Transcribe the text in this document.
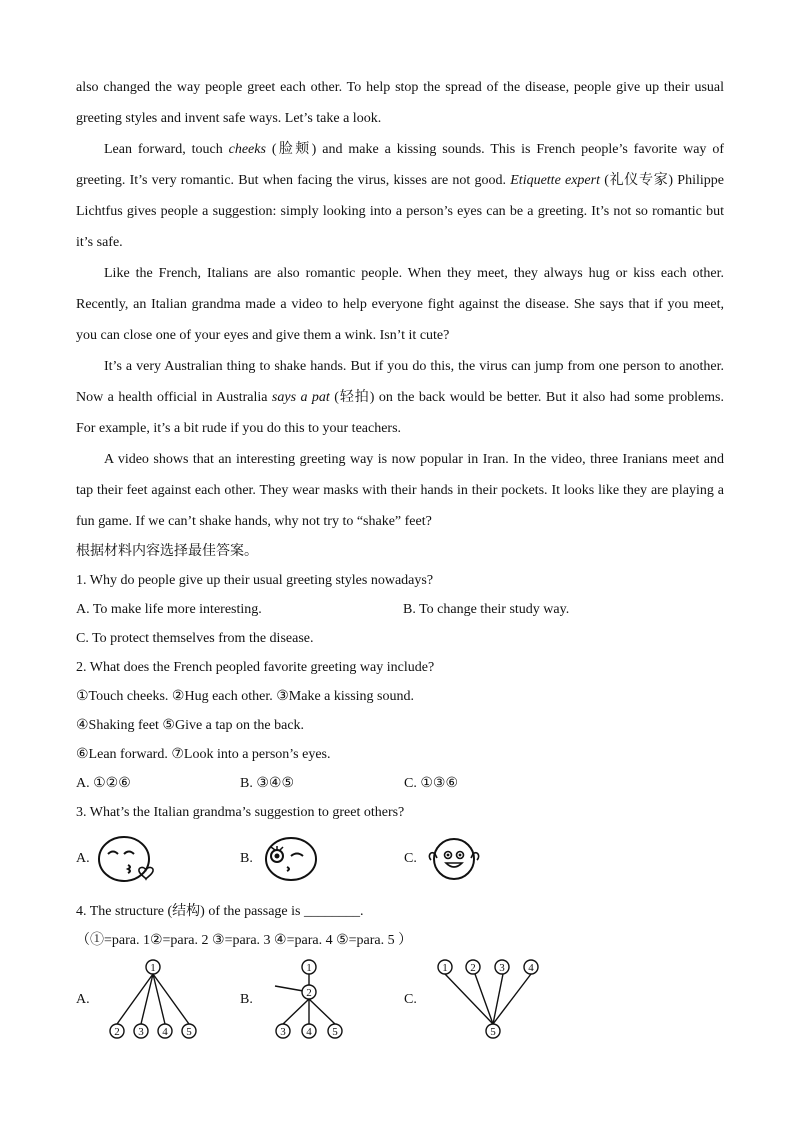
also changed the way people greet each other. To help stop the spread of the disease, people give up their usual greeting styles and invent safe ways. Let’s take a look.

Lean forward, touch cheeks (脸颊) and make a kissing sounds. This is French people’s favorite way of greeting. It’s very romantic. But when facing the virus, kisses are not good. Etiquette expert (礼仪专家) Philippe Lichtfus gives people a suggestion: simply looking into a person’s eyes can be a greeting. It’s not so romantic but it’s safe.

Like the French, Italians are also romantic people. When they meet, they always hug or kiss each other. Recently, an Italian grandma made a video to help everyone fight against the disease. She says that if you meet, you can close one of your eyes and give them a wink. Isn’t it cute?

It’s a very Australian thing to shake hands. But if you do this, the virus can jump from one person to another. Now a health official in Australia says a pat (轻拍) on the back would be better. But it also had some problems. For example, it’s a bit rude if you do this to your teachers.

A video shows that an interesting greeting way is now popular in Iran. In the video, three Iranians meet and tap their feet against each other. They wear masks with their hands in their pockets. It looks like they are playing a fun game. If we can’t shake hands, why not try to “shake” feet?

根据材料内容选择最佳答案。

1. Why do people give up their usual greeting styles nowadays?

A. To make life more interesting.	B. To change their study way.

C. To protect themselves from the disease.

2. What does the French peopled favorite greeting way include?

①Touch cheeks. ②Hug each other. ③Make a kissing sound.

④Shaking feet ⑤Give a tap on the back.

⑥Lean forward. ⑦Look into a person’s eyes.

A. ①②⑥	B. ③④⑤	C. ①③⑥

3. What’s the Italian grandma’s suggestion to greet others?

A.	B.	C.

4. The structure (结构) of the passage is ________.

（①=para. 1②=para. 2 ③=para. 3 ④=para. 4 ⑤=para. 5 ）

A.
1
2 3 4 5
B.
1
2
3 4 5
C.
1 2 3 4
5
